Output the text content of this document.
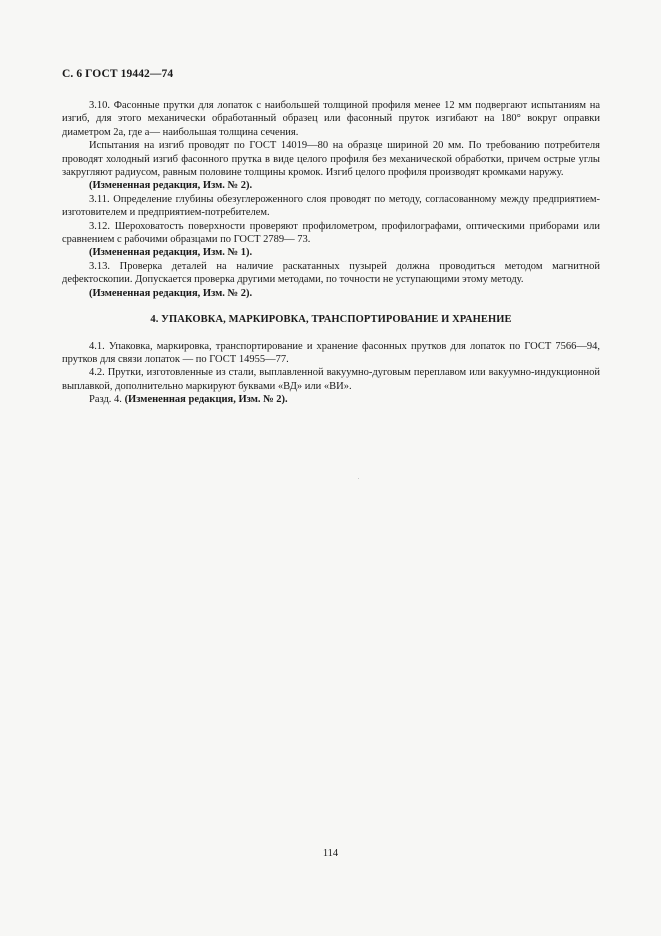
С. 6 ГОСТ 19442—74

3.10. Фасонные прутки для лопаток с наибольшей толщиной профиля менее 12 мм подвергают испытаниям на изгиб, для этого механически обработанный образец или фасонный пруток изгибают на 180° вокруг оправки диаметром 2а, где а— наибольшая толщина сечения.

Испытания на изгиб проводят по ГОСТ 14019—80 на образце шириной 20 мм. По требованию потребителя проводят холодный изгиб фасонного прутка в виде целого профиля без механической обработки, причем острые углы закругляют радиусом, равным половине толщины кромок. Изгиб целого профиля производят кромками наружу.

(Измененная редакция, Изм. № 2).

3.11. Определение глубины обезуглероженного слоя проводят по методу, согласованному между предприятием-изготовителем и предприятием-потребителем.

3.12. Шероховатость поверхности проверяют профилометром, профилографами, оптическими приборами или сравнением с рабочими образцами по ГОСТ 2789— 73.

(Измененная редакция, Изм. № 1).

3.13. Проверка деталей на наличие раскатанных пузырей должна проводиться методом магнитной дефектоскопии. Допускается проверка другими методами, по точности не уступающими этому методу.

(Измененная редакция, Изм. № 2).

4. УПАКОВКА, МАРКИРОВКА, ТРАНСПОРТИРОВАНИЕ И ХРАНЕНИЕ

4.1. Упаковка, маркировка, транспортирование и хранение фасонных прутков для лопаток по ГОСТ 7566—94, прутков для связи лопаток — по ГОСТ 14955—77.

4.2. Прутки, изготовленные из стали, выплавленной вакуумно-дуговым переплавом или вакуумно-индукционной выплавкой, дополнительно маркируют буквами «ВД» или «ВИ».

Разд. 4. (Измененная редакция, Изм. № 2).

114
